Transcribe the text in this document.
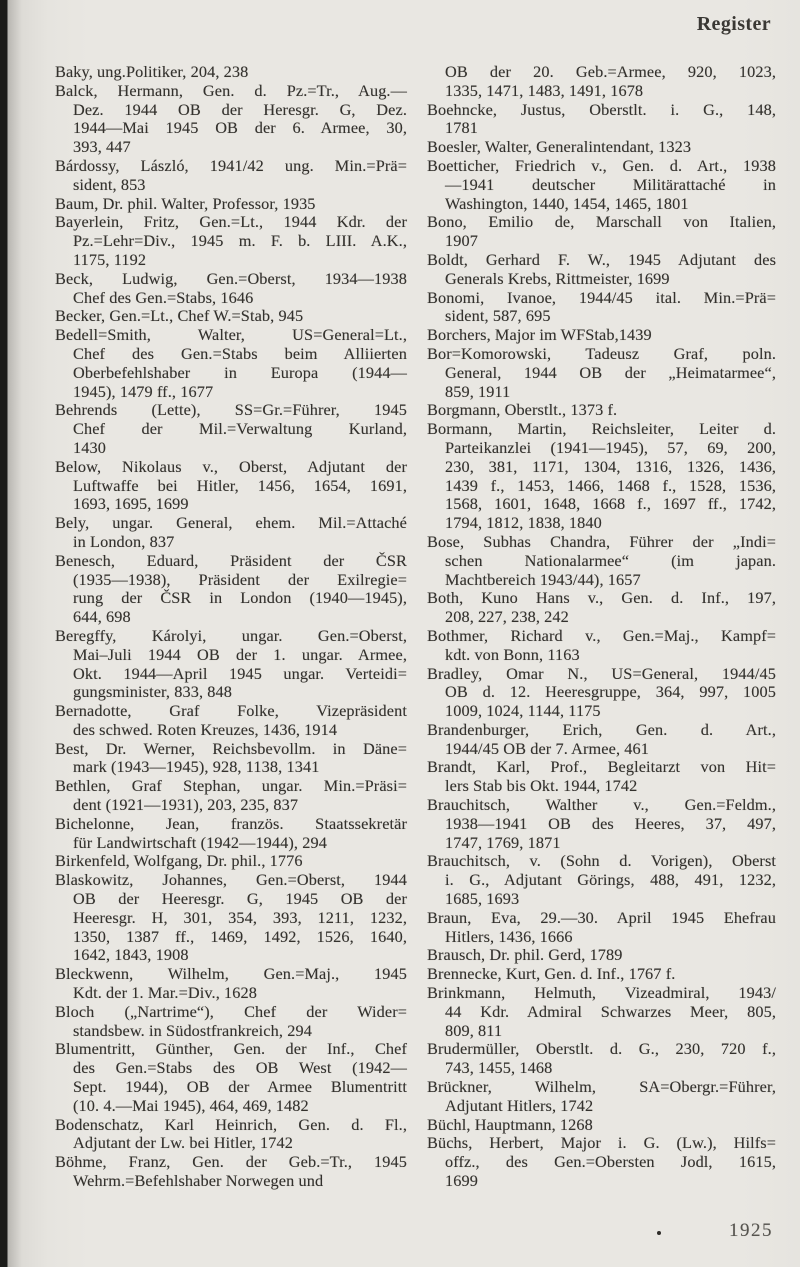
Register

Baky, ung.Politiker, 204, 238

Balck, Hermann, Gen. d. Pz.=Tr., Aug.—
Dez. 1944 OB der Heresgr. G, Dez.
1944—Mai 1945 OB der 6. Armee, 30,
393, 447

Bárdossy, László, 1941/42 ung. Min.=Prä=
sident, 853

Baum, Dr. phil. Walter, Professor, 1935

Bayerlein, Fritz, Gen.=Lt., 1944 Kdr. der
Pz.=Lehr=Div., 1945 m. F. b. LIII. A.K.,
1175, 1192

Beck, Ludwig, Gen.=Oberst, 1934—1938
Chef des Gen.=Stabs, 1646

Becker, Gen.=Lt., Chef W.=Stab, 945

Bedell=Smith, Walter, US=General=Lt.,
Chef des Gen.=Stabs beim Alliierten
Oberbefehlshaber in Europa (1944—
1945), 1479 ff., 1677

Behrends (Lette), SS=Gr.=Führer, 1945
Chef der Mil.=Verwaltung Kurland,
1430

Below, Nikolaus v., Oberst, Adjutant der
Luftwaffe bei Hitler, 1456, 1654, 1691,
1693, 1695, 1699

Bely, ungar. General, ehem. Mil.=Attaché
in London, 837

Benesch, Eduard, Präsident der ČSR
(1935—1938), Präsident der Exilregie=
rung der ČSR in London (1940—1945),
644, 698

Beregffy, Károlyi, ungar. Gen.=Oberst,
Mai–Juli 1944 OB der 1. ungar. Armee,
Okt. 1944—April 1945 ungar. Verteidi=
gungsminister, 833, 848

Bernadotte, Graf Folke, Vizepräsident
des schwed. Roten Kreuzes, 1436, 1914

Best, Dr. Werner, Reichsbevollm. in Däne=
mark (1943—1945), 928, 1138, 1341

Bethlen, Graf Stephan, ungar. Min.=Präsi=
dent (1921—1931), 203, 235, 837

Bichelonne, Jean, französ. Staatssekretär
für Landwirtschaft (1942—1944), 294

Birkenfeld, Wolfgang, Dr. phil., 1776

Blaskowitz, Johannes, Gen.=Oberst, 1944
OB der Heeresgr. G, 1945 OB der
Heeresgr. H, 301, 354, 393, 1211, 1232,
1350, 1387 ff., 1469, 1492, 1526, 1640,
1642, 1843, 1908

Bleckwenn, Wilhelm, Gen.=Maj., 1945
Kdt. der 1. Mar.=Div., 1628

Bloch („Nartrime“), Chef der Wider=
standsbew. in Südostfrankreich, 294

Blumentritt, Günther, Gen. der Inf., Chef
des Gen.=Stabs des OB West (1942—
Sept. 1944), OB der Armee Blumentritt
(10. 4.—Mai 1945), 464, 469, 1482

Bodenschatz, Karl Heinrich, Gen. d. Fl.,
Adjutant der Lw. bei Hitler, 1742

Böhme, Franz, Gen. der Geb.=Tr., 1945
Wehrm.=Befehlshaber Norwegen und

OB der 20. Geb.=Armee, 920, 1023,
1335, 1471, 1483, 1491, 1678

Boehncke, Justus, Oberstlt. i. G., 148,
1781

Boesler, Walter, Generalintendant, 1323

Boetticher, Friedrich v., Gen. d. Art., 1938
—1941 deutscher Militärattaché in
Washington, 1440, 1454, 1465, 1801

Bono, Emilio de, Marschall von Italien,
1907

Boldt, Gerhard F. W., 1945 Adjutant des
Generals Krebs, Rittmeister, 1699

Bonomi, Ivanoe, 1944/45 ital. Min.=Prä=
sident, 587, 695

Borchers, Major im WFStab,1439

Bor=Komorowski, Tadeusz Graf, poln.
General, 1944 OB der „Heimatarmee“,
859, 1911

Borgmann, Oberstlt., 1373 f.

Bormann, Martin, Reichsleiter, Leiter d.
Parteikanzlei (1941—1945), 57, 69, 200,
230, 381, 1171, 1304, 1316, 1326, 1436,
1439 f., 1453, 1466, 1468 f., 1528, 1536,
1568, 1601, 1648, 1668 f., 1697 ff., 1742,
1794, 1812, 1838, 1840

Bose, Subhas Chandra, Führer der „Indi=
schen Nationalarmee“ (im japan.
Machtbereich 1943/44), 1657

Both, Kuno Hans v., Gen. d. Inf., 197,
208, 227, 238, 242

Bothmer, Richard v., Gen.=Maj., Kampf=
kdt. von Bonn, 1163

Bradley, Omar N., US=General, 1944/45
OB d. 12. Heeresgruppe, 364, 997, 1005
1009, 1024, 1144, 1175

Brandenburger, Erich, Gen. d. Art.,
1944/45 OB der 7. Armee, 461

Brandt, Karl, Prof., Begleitarzt von Hit=
lers Stab bis Okt. 1944, 1742

Brauchitsch, Walther v., Gen.=Feldm.,
1938—1941 OB des Heeres, 37, 497,
1747, 1769, 1871

Brauchitsch, v. (Sohn d. Vorigen), Oberst
i. G., Adjutant Görings, 488, 491, 1232,
1685, 1693

Braun, Eva, 29.—30. April 1945 Ehefrau
Hitlers, 1436, 1666

Brausch, Dr. phil. Gerd, 1789

Brennecke, Kurt, Gen. d. Inf., 1767 f.

Brinkmann, Helmuth, Vizeadmiral, 1943/
44 Kdr. Admiral Schwarzes Meer, 805,
809, 811

Brudermüller, Oberstlt. d. G., 230, 720 f.,
743, 1455, 1468

Brückner, Wilhelm, SA=Obergr.=Führer,
Adjutant Hitlers, 1742

Büchl, Hauptmann, 1268

Büchs, Herbert, Major i. G. (Lw.), Hilfs=
offz., des Gen.=Obersten Jodl, 1615,
1699

1925
